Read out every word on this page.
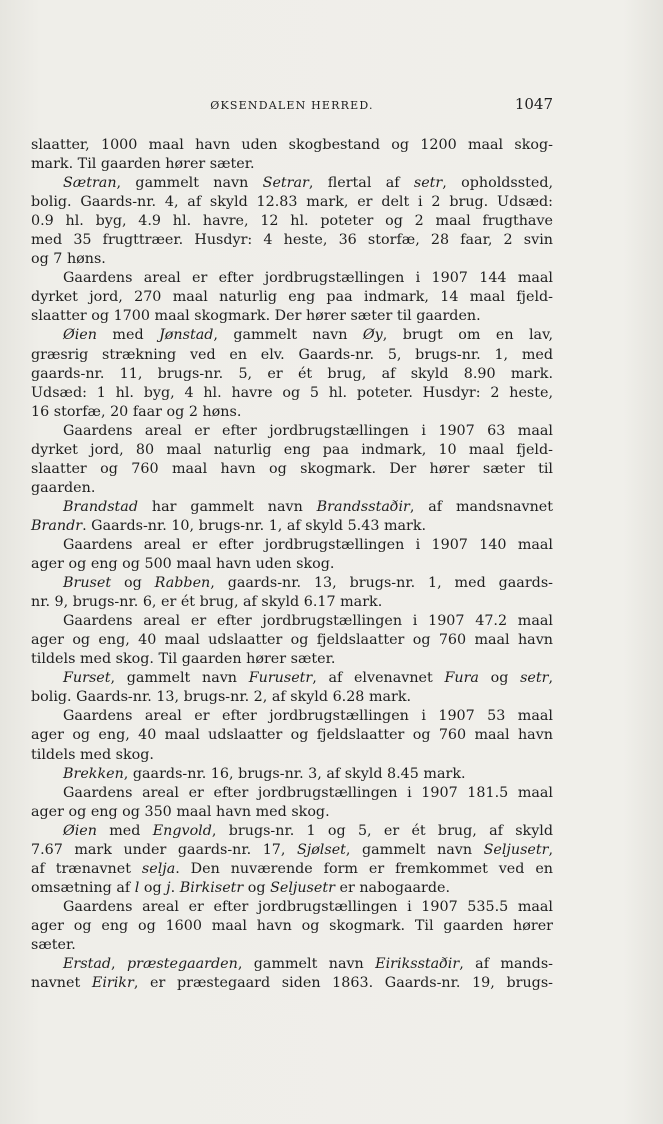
ØKSENDALEN HERRED.	1047
slaatter, 1000 maal havn uden skogbestand og 1200 maal skog-
mark. Til gaarden hører sæter.
Sætran, gammelt navn Setrar, flertal af setr, opholdssted,
bolig. Gaards-nr. 4, af skyld 12.83 mark, er delt i 2 brug. Udsæd:
0.9 hl. byg, 4.9 hl. havre, 12 hl. poteter og 2 maal frugthave
med 35 frugttræer. Husdyr: 4 heste, 36 storfæ, 28 faar, 2 svin
og 7 høns.
Gaardens areal er efter jordbrugstællingen i 1907 144 maal
dyrket jord, 270 maal naturlig eng paa indmark, 14 maal fjeld-
slaatter og 1700 maal skogmark. Der hører sæter til gaarden.
Øien med Jønstad, gammelt navn Øy, brugt om en lav,
græsrig strækning ved en elv. Gaards-nr. 5, brugs-nr. 1, med
gaards-nr. 11, brugs-nr. 5, er ét brug, af skyld 8.90 mark.
Udsæd: 1 hl. byg, 4 hl. havre og 5 hl. poteter. Husdyr: 2 heste,
16 storfæ, 20 faar og 2 høns.
Gaardens areal er efter jordbrugstællingen i 1907 63 maal
dyrket jord, 80 maal naturlig eng paa indmark, 10 maal fjeld-
slaatter og 760 maal havn og skogmark. Der hører sæter til
gaarden.
Brandstad har gammelt navn Brandsstaðir, af mandsnavnet
Brandr. Gaards-nr. 10, brugs-nr. 1, af skyld 5.43 mark.
Gaardens areal er efter jordbrugstællingen i 1907 140 maal
ager og eng og 500 maal havn uden skog.
Bruset og Rabben, gaards-nr. 13, brugs-nr. 1, med gaards-
nr. 9, brugs-nr. 6, er ét brug, af skyld 6.17 mark.
Gaardens areal er efter jordbrugstællingen i 1907 47.2 maal
ager og eng, 40 maal udslaatter og fjeldslaatter og 760 maal havn
tildels med skog. Til gaarden hører sæter.
Furset, gammelt navn Furusetr, af elvenavnet Fura og setr,
bolig. Gaards-nr. 13, brugs-nr. 2, af skyld 6.28 mark.
Gaardens areal er efter jordbrugstællingen i 1907 53 maal
ager og eng, 40 maal udslaatter og fjeldslaatter og 760 maal havn
tildels med skog.
Brekken, gaards-nr. 16, brugs-nr. 3, af skyld 8.45 mark.
Gaardens areal er efter jordbrugstællingen i 1907 181.5 maal
ager og eng og 350 maal havn med skog.
Øien med Engvold, brugs-nr. 1 og 5, er ét brug, af skyld
7.67 mark under gaards-nr. 17, Sjølset, gammelt navn Seljusetr,
af trænavnet selja. Den nuværende form er fremkommet ved en
omsætning af l og j. Birkisetr og Seljusetr er nabogaarde.
Gaardens areal er efter jordbrugstællingen i 1907 535.5 maal
ager og eng og 1600 maal havn og skogmark. Til gaarden hører
sæter.
Erstad, præstegaarden, gammelt navn Eiriksstaðir, af mands-
navnet Eirikr, er præstegaard siden 1863. Gaards-nr. 19, brugs-
